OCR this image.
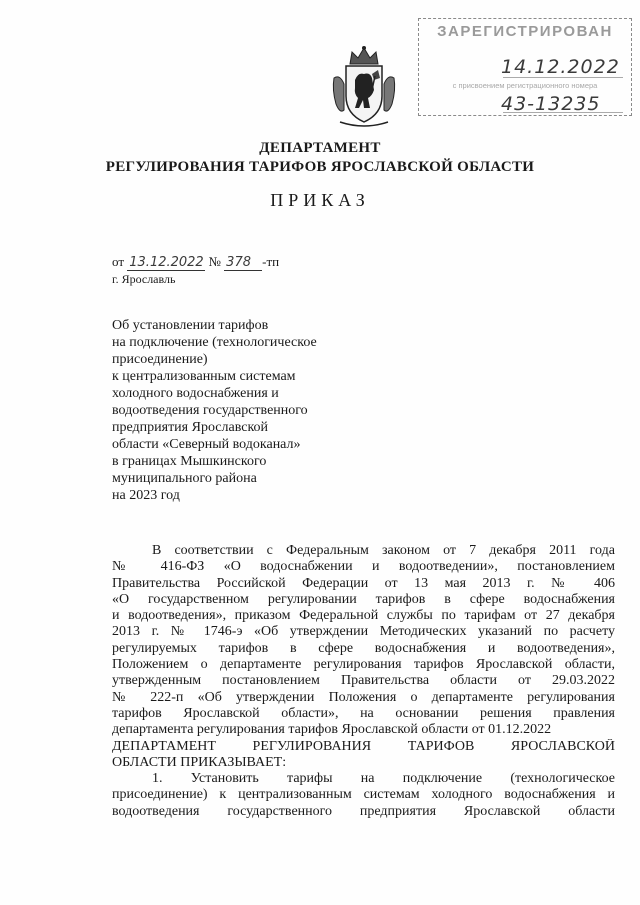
ЗАРЕГИСТРИРОВАН
14.12.2022
с присвоением регистрационного номера
43-13235
ДЕПАРТАМЕНТ
РЕГУЛИРОВАНИЯ ТАРИФОВ ЯРОСЛАВСКОЙ ОБЛАСТИ
ПРИКАЗ
от 13.12.2022 № 378 -тп
г. Ярославль
Об установлении тарифов
на подключение (технологическое
присоединение)
к централизованным системам
холодного водоснабжения и
водоотведения государственного
предприятия Ярославской
области «Северный водоканал»
в границах Мышкинского
муниципального района
на 2023 год
В соответствии с Федеральным законом от 7 декабря 2011 года
№ 416-ФЗ «О водоснабжении и водоотведении», постановлением
Правительства Российской Федерации от 13 мая 2013 г. № 406
«О государственном регулировании тарифов в сфере водоснабжения
и водоотведения», приказом Федеральной службы по тарифам от 27 декабря
2013 г. № 1746-э «Об утверждении Методических указаний по расчету
регулируемых тарифов в сфере водоснабжения и водоотведения»,
Положением о департаменте регулирования тарифов Ярославской области,
утвержденным постановлением Правительства области от 29.03.2022
№ 222-п «Об утверждении Положения о департаменте регулирования
тарифов Ярославской области», на основании решения правления
департамента регулирования тарифов Ярославской области от 01.12.2022
ДЕПАРТАМЕНТ РЕГУЛИРОВАНИЯ ТАРИФОВ ЯРОСЛАВСКОЙ
ОБЛАСТИ ПРИКАЗЫВАЕТ:
1. Установить тарифы на подключение (технологическое
присоединение) к централизованным системам холодного водоснабжения и
водоотведения государственного предприятия Ярославской области
